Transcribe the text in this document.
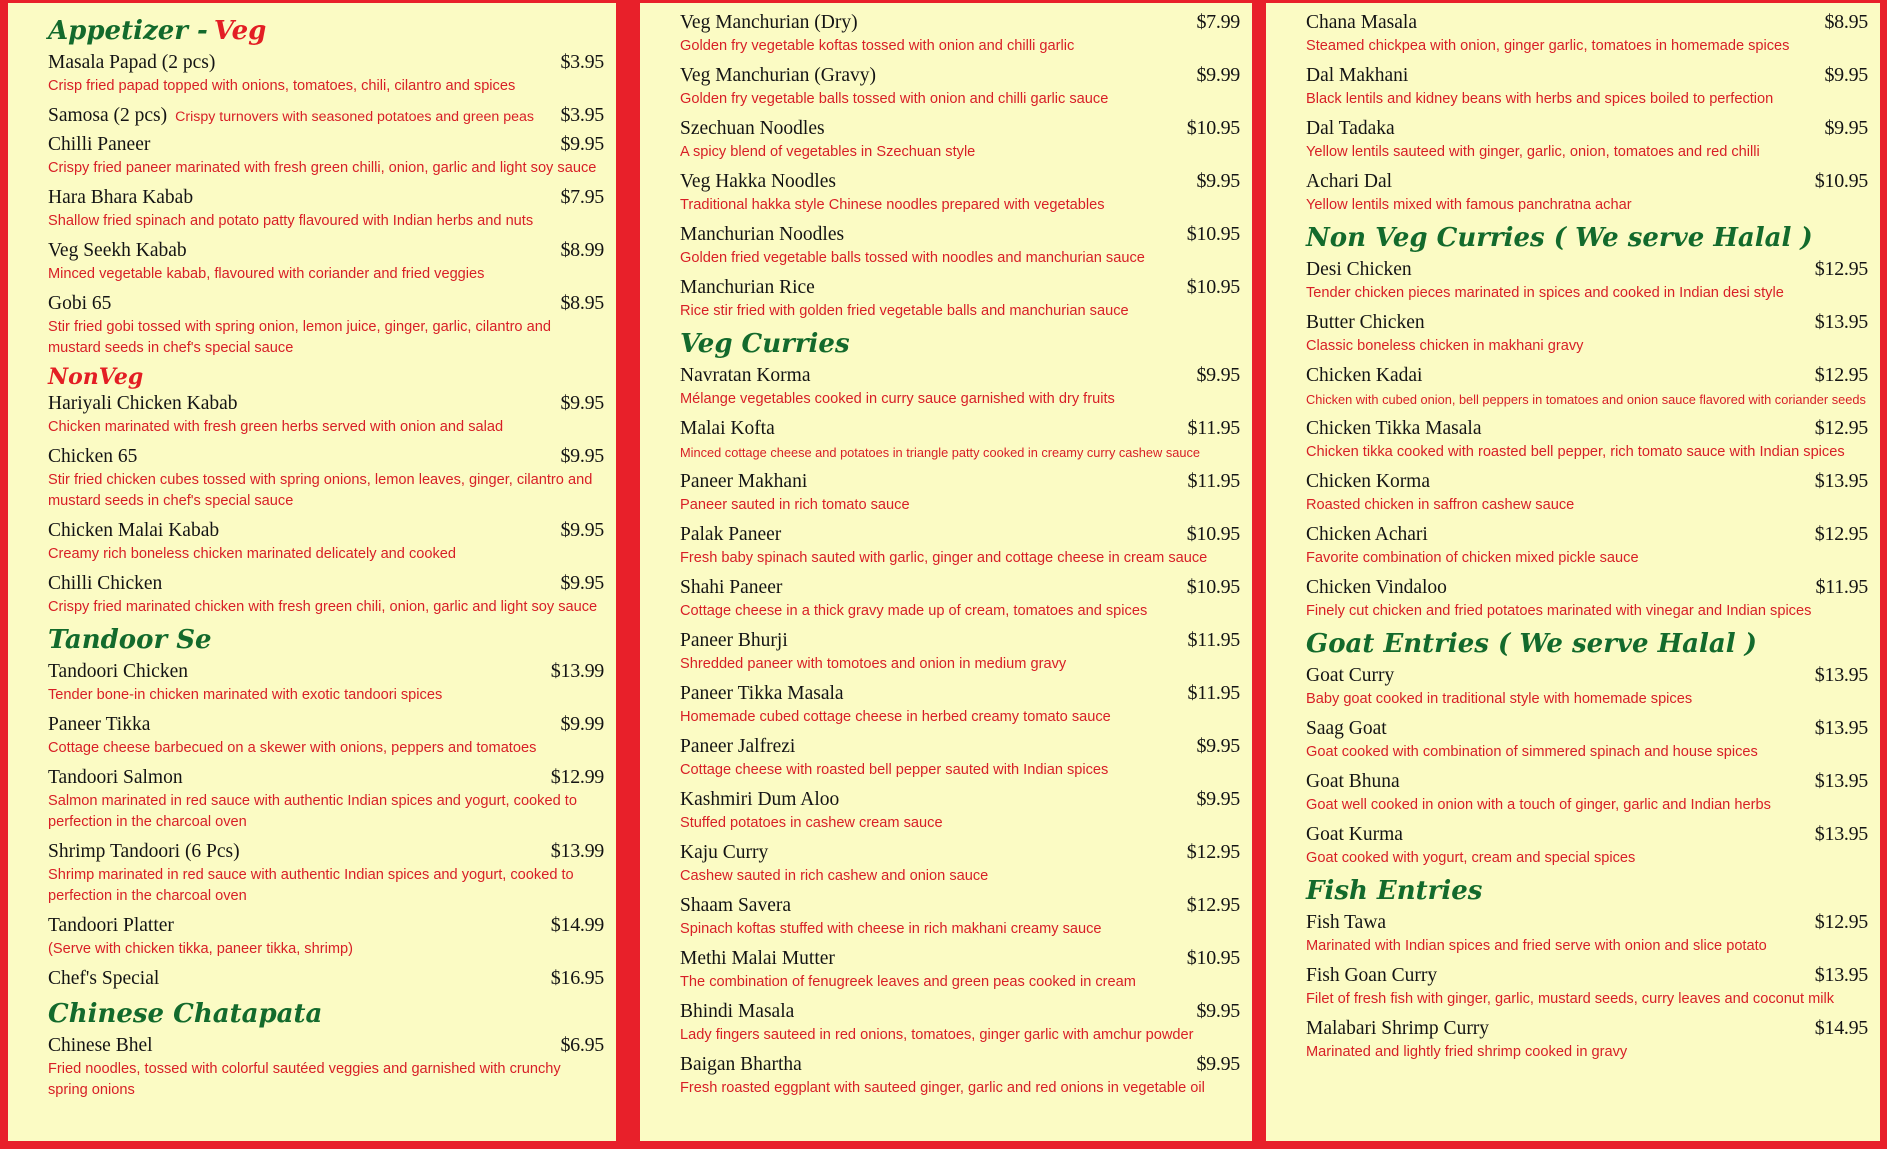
Appetizer - Veg
Masala Papad (2 pcs)	$3.95
Crisp fried papad topped with onions, tomatoes, chili, cilantro and spices
Samosa (2 pcs) Crispy turnovers with seasoned potatoes and green peas	$3.95
Chilli Paneer	$9.95
Crispy fried paneer marinated with fresh green chilli, onion, garlic and light soy sauce
Hara Bhara Kabab	$7.95
Shallow fried spinach and potato patty flavoured with Indian herbs and nuts
Veg Seekh Kabab	$8.99
Minced vegetable kabab, flavoured with coriander and fried veggies
Gobi 65	$8.95
Stir fried gobi tossed with spring onion, lemon juice, ginger, garlic, cilantro and mustard seeds in chef's special sauce
NonVeg
Hariyali Chicken Kabab	$9.95
Chicken marinated with fresh green herbs served with onion and salad
Chicken 65	$9.95
Stir fried chicken cubes tossed with spring onions, lemon leaves, ginger, cilantro and mustard seeds in chef's special sauce
Chicken Malai Kabab	$9.95
Creamy rich boneless chicken marinated delicately and cooked
Chilli Chicken	$9.95
Crispy fried marinated chicken with fresh green chili, onion, garlic and light soy sauce
Tandoor Se
Tandoori Chicken	$13.99
Tender bone-in chicken marinated with exotic tandoori spices
Paneer Tikka	$9.99
Cottage cheese barbecued on a skewer with onions, peppers and tomatoes
Tandoori Salmon	$12.99
Salmon marinated in red sauce with authentic Indian spices and yogurt, cooked to perfection in the charcoal oven
Shrimp Tandoori (6 Pcs)	$13.99
Shrimp marinated in red sauce with authentic Indian spices and yogurt, cooked to perfection in the charcoal oven
Tandoori Platter	$14.99
(Serve with chicken tikka, paneer tikka, shrimp)
Chef's Special	$16.95
Chinese Chatapata
Chinese Bhel	$6.95
Fried noodles, tossed with colorful sautéed veggies and garnished with crunchy spring onions
Veg Manchurian (Dry)	$7.99
Golden fry vegetable koftas tossed with onion and chilli garlic
Veg Manchurian (Gravy)	$9.99
Golden fry vegetable balls tossed with onion and chilli garlic sauce
Szechuan Noodles	$10.95
A spicy blend of vegetables in Szechuan style
Veg Hakka Noodles	$9.95
Traditional hakka style Chinese noodles prepared with vegetables
Manchurian Noodles	$10.95
Golden fried vegetable balls tossed with noodles and manchurian sauce
Manchurian Rice	$10.95
Rice stir fried with golden fried vegetable balls and manchurian sauce
Veg Curries
Navratan Korma	$9.95
Mélange vegetables cooked in curry sauce garnished with dry fruits
Malai Kofta	$11.95
Minced cottage cheese and potatoes in triangle patty cooked in creamy curry cashew sauce
Paneer Makhani	$11.95
Paneer sauted in rich tomato sauce
Palak Paneer	$10.95
Fresh baby spinach sauted with garlic, ginger and cottage cheese in cream sauce
Shahi Paneer	$10.95
Cottage cheese in a thick gravy made up of cream, tomatoes and spices
Paneer Bhurji	$11.95
Shredded paneer with tomotoes and onion in medium gravy
Paneer Tikka Masala	$11.95
Homemade cubed cottage cheese in herbed creamy tomato sauce
Paneer Jalfrezi	$9.95
Cottage cheese with roasted bell pepper sauted with Indian spices
Kashmiri Dum Aloo	$9.95
Stuffed potatoes in cashew cream sauce
Kaju Curry	$12.95
Cashew sauted in rich cashew and onion sauce
Shaam Savera	$12.95
Spinach koftas stuffed with cheese in rich makhani creamy sauce
Methi Malai Mutter	$10.95
The combination of fenugreek leaves and green peas cooked in cream
Bhindi Masala	$9.95
Lady fingers sauteed in red onions, tomatoes, ginger garlic with amchur powder
Baigan Bhartha	$9.95
Fresh roasted eggplant with sauteed ginger, garlic and red onions in vegetable oil
Chana Masala	$8.95
Steamed chickpea with onion, ginger garlic, tomatoes in homemade spices
Dal Makhani	$9.95
Black lentils and kidney beans with herbs and spices boiled to perfection
Dal Tadaka	$9.95
Yellow lentils sauteed with ginger, garlic, onion, tomatoes and red chilli
Achari Dal	$10.95
Yellow lentils mixed with famous panchratna achar
Non Veg Curries ( We serve Halal )
Desi Chicken	$12.95
Tender chicken pieces marinated in spices and cooked in Indian desi style
Butter Chicken	$13.95
Classic boneless chicken in makhani gravy
Chicken Kadai	$12.95
Chicken with cubed onion, bell peppers in tomatoes and onion sauce flavored with coriander seeds
Chicken Tikka Masala	$12.95
Chicken tikka cooked with roasted bell pepper, rich tomato sauce with Indian spices
Chicken Korma	$13.95
Roasted chicken in saffron cashew sauce
Chicken Achari	$12.95
Favorite combination of chicken mixed pickle sauce
Chicken Vindaloo	$11.95
Finely cut chicken and fried potatoes marinated with vinegar and Indian spices
Goat Entries ( We serve Halal )
Goat Curry	$13.95
Baby goat cooked in traditional style with homemade spices
Saag Goat	$13.95
Goat cooked with combination of simmered spinach and house spices
Goat Bhuna	$13.95
Goat well cooked in onion with a touch of ginger, garlic and Indian herbs
Goat Kurma	$13.95
Goat cooked with yogurt, cream and special spices
Fish Entries
Fish Tawa	$12.95
Marinated with Indian spices and fried serve with onion and slice potato
Fish Goan Curry	$13.95
Filet of fresh fish with ginger, garlic, mustard seeds, curry leaves and coconut milk
Malabari Shrimp Curry	$14.95
Marinated and lightly fried shrimp cooked in gravy
